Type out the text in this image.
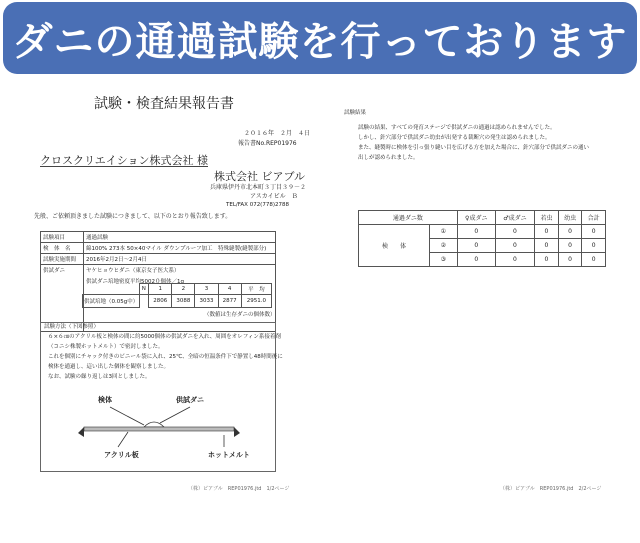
ダニの通過試験を行っております
試験・検査結果報告書
２０１６年　２月　４日
報告書No.REP01976
クロスクリエイション株式会社 様
株式会社 ビアブル
兵庫県伊丹市北本町３丁目３９－２
アスカイビル　Ｂ
TEL/FAX 072(778)2788
先般、ご依頼頂きました試験につきまして、以下のとおり報告致します。
試験項目	通過試験
検　体　名	綿100% 273本 50×40マイル ダウンプルーフ加工　特殊縫製(縫製部分)
試験実施期間	2016年2月2日〜2月4日
供試ダニ	ヤケヒョウヒダニ（東京女子医大系）
供試ダニ培地密度平均5002０個体／1g
	N	1	2	3	4	平　均
供試培地（0.05g中）		2806	3088	3033	2877	2951.0
（数値は生存ダニの個体数）
試験方法（下図参照）
６×６㎝のアクリル板と検体の間に約5000個体の供試ダニを入れ、周囲をオレフィン系接着剤
（コニシ株製ホットメルト）で密封しました。
これを個別にチャック付きのビニール袋に入れ、25℃、全暗の恒温条件下で静置し48時間後に
検体を通過し、這い出した個体を観察しました。
なお、試験の繰り返しは3回としました。
検体	供試ダニ
アクリル板	ホットメルト
（株）ビアブル　REP01976.jtd　1/2ページ
試験結果
試験の結果、すべての発育ステージで供試ダニの通過は認められませんでした。
しかし、針穴部分で供試ダニ幼虫が出発する裁断穴の発生は認められました。
また、縫製時に検体を引っ張り縫い目を広げる方を加えた場合に、針穴部分で供試ダニの通い
出しが認められました。
通過ダニ数		♀成ダニ	♂成ダニ	若虫	幼虫	合計
検　　体	①	0	0	0	0	0
	②	0	0	0	0	0
	③	0	0	0	0	0
（株）ビアブル　REP01976.jtd　2/2ページ
